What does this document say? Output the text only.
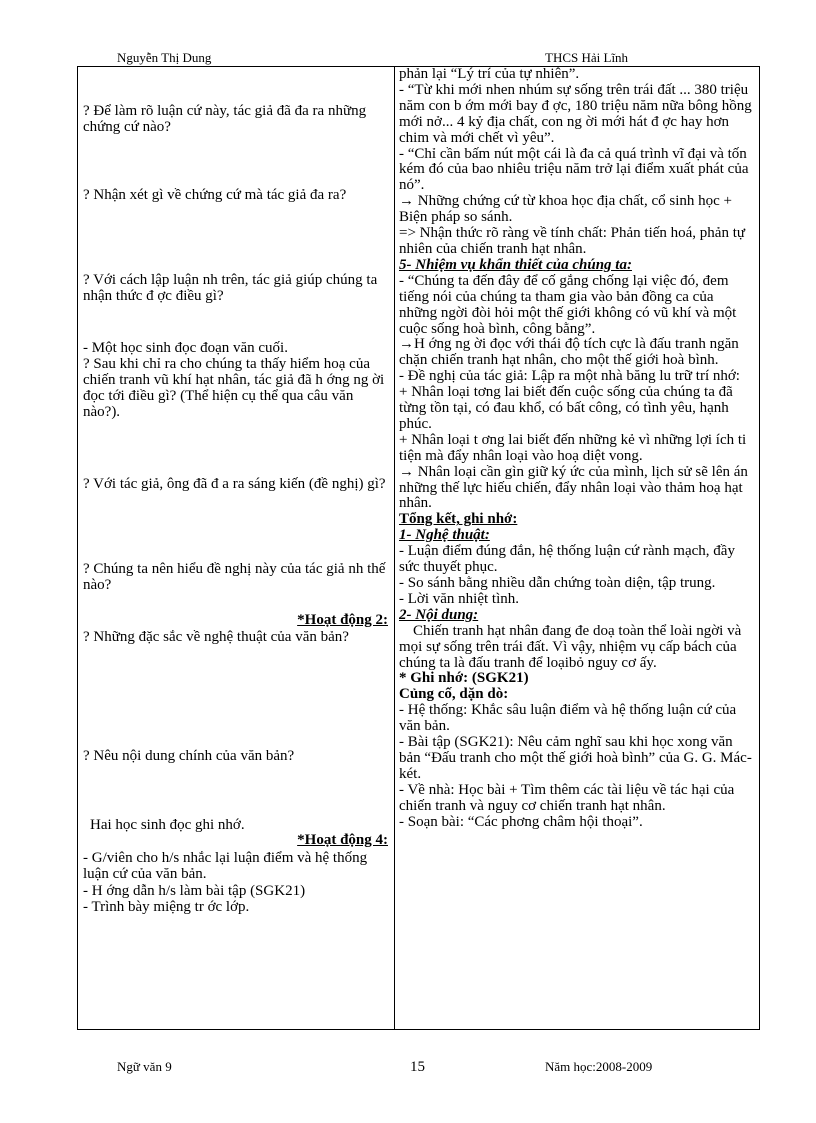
Nguyễn Thị Dung	THCS Hải Lĩnh

? Để làm rõ luận cứ này, tác giả đã đa ra những chứng cứ nào?

? Nhận xét gì về chứng cứ mà tác giả đa ra?

? Với cách lập luận nh trên, tác giả giúp chúng ta nhận thức đ ợc điều gì?

- Một học sinh đọc đoạn văn cuối.

? Sau khi chỉ ra cho chúng ta thấy hiểm hoạ của chiến tranh vũ khí hạt nhân, tác giả đã h ớng ng ời đọc tới điều gì? (Thể hiện cụ thể qua câu văn nào?).

? Với tác giả, ông đã đ a ra sáng kiến (đề nghị) gì?

? Chúng ta nên hiểu đề nghị này của tác giả nh thế nào?

*Hoạt động 2:

? Những đặc sắc về nghệ thuật của văn bản?

? Nêu nội dung chính của văn bản?

Hai học sinh đọc ghi nhớ.

*Hoạt động 4:

- G/viên cho h/s nhắc lại luận điểm và hệ thống luận cứ của văn bản.

- H ớng dẫn h/s làm bài tập (SGK21)

- Trình bày miệng tr ớc lớp.

phản lại “Lý trí của tự nhiên”.

- “Từ khi mới nhen nhúm sự sống trên trái đất ... 380 triệu năm con b ớm mới bay đ ợc, 180 triệu năm nữa bông hồng mới nở... 4 kỷ địa chất, con ng ời mới hát đ ợc hay hơn chim và mới chết vì yêu”.

- “Chỉ cần bấm nút một cái là đa cả quá trình vĩ đại và tốn kém đó của bao nhiêu triệu năm trở lại điểm xuất phát của nó”.

→ Những chứng cứ từ khoa học địa chất, cổ sinh học + Biện pháp so sánh.

=> Nhận thức rõ ràng về tính chất: Phản tiến hoá, phản tự nhiên của chiến tranh hạt nhân.

5- Nhiệm vụ khẩn thiết của chúng ta:

- “Chúng ta đến đây để cố gắng chống lại việc đó, đem tiếng nói của chúng ta tham gia vào bản đồng ca của những ngời đòi hỏi một thế giới không có vũ khí và một cuộc sống hoà bình, công bằng”.

→H ớng ng ời đọc với thái độ tích cực là đấu tranh ngăn chặn chiến tranh hạt nhân, cho một thế giới hoà bình.

- Đề nghị của tác giả: Lập ra một nhà băng lu trữ trí nhớ:

+ Nhân loại tơng lai biết đến cuộc sống của chúng ta đã từng tồn tại, có đau khổ, có bất công, có tình yêu, hạnh phúc.

+ Nhân loại t ơng lai biết đến những kẻ vì những lợi ích ti tiện mà đẩy nhân loại vào hoạ diệt vong.

→ Nhân loại cần gìn giữ ký ức của mình, lịch sử sẽ lên án những thế lực hiếu chiến, đẩy nhân loại vào thảm hoạ hạt nhân.

Tổng kết, ghi nhớ:

1- Nghệ thuật:

- Luận điểm đúng đắn, hệ thống luận cứ rành mạch, đầy sức thuyết phục.

- So sánh bằng nhiều dẫn chứng toàn diện, tập trung.

- Lời văn nhiệt tình.

2- Nội dung:

Chiến tranh hạt nhân đang đe doạ toàn thể loài ngời và mọi sự sống trên trái đất. Vì vậy, nhiệm vụ cấp bách của chúng ta là đấu tranh để loạibỏ nguy cơ ấy.

* Ghi nhớ: (SGK21)

Củng cố, dặn dò:

- Hệ thống: Khắc sâu luận điểm và hệ thống luận cứ của văn bản.

- Bài tập (SGK21): Nêu cảm nghĩ sau khi học xong văn bản “Đấu tranh cho một thế giới hoà bình” của G. G. Mác-két.

- Về nhà: Học bài + Tìm thêm các tài liệu về tác hại của chiến tranh và nguy cơ chiến tranh hạt nhân.

- Soạn bài: “Các phơng châm hội thoại”.

Ngữ văn 9	15	Năm học:2008-2009
